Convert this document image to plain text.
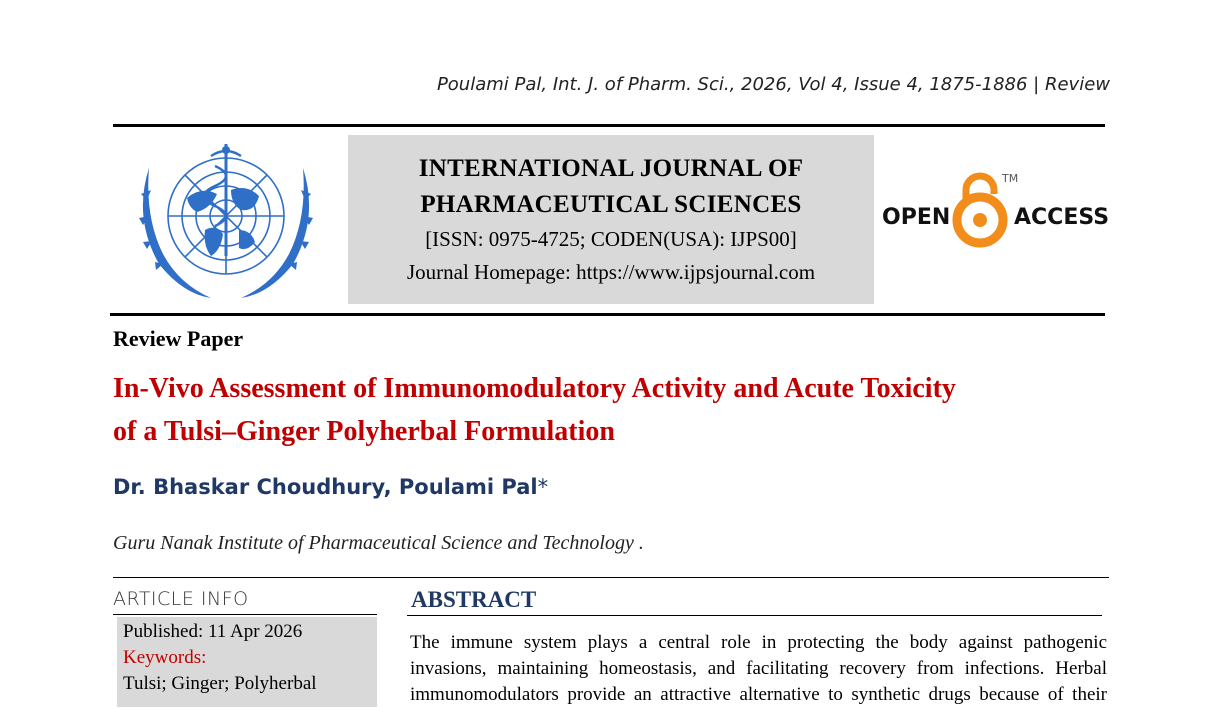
Poulami Pal, Int. J. of Pharm. Sci., 2026, Vol 4, Issue 4, 1875-1886 | Review
INTERNATIONAL JOURNAL OF
PHARMACEUTICAL SCIENCES
[ISSN: 0975-4725; CODEN(USA): IJPS00]
Journal Homepage: https://www.ijpsjournal.com
OPEN
TM
ACCESS
Review Paper
In-Vivo Assessment of Immunomodulatory Activity and Acute Toxicity
of a Tulsi–Ginger Polyherbal Formulation
Dr. Bhaskar Choudhury, Poulami Pal*
Guru Nanak Institute of Pharmaceutical Science and Technology .
ARTICLE INFO
Published: 11 Apr 2026
Keywords:
Tulsi; Ginger; Polyherbal
ABSTRACT
The immune system plays a central role in protecting the body against pathogenic
invasions, maintaining homeostasis, and facilitating recovery from infections. Herbal
immunomodulators provide an attractive alternative to synthetic drugs because of their
